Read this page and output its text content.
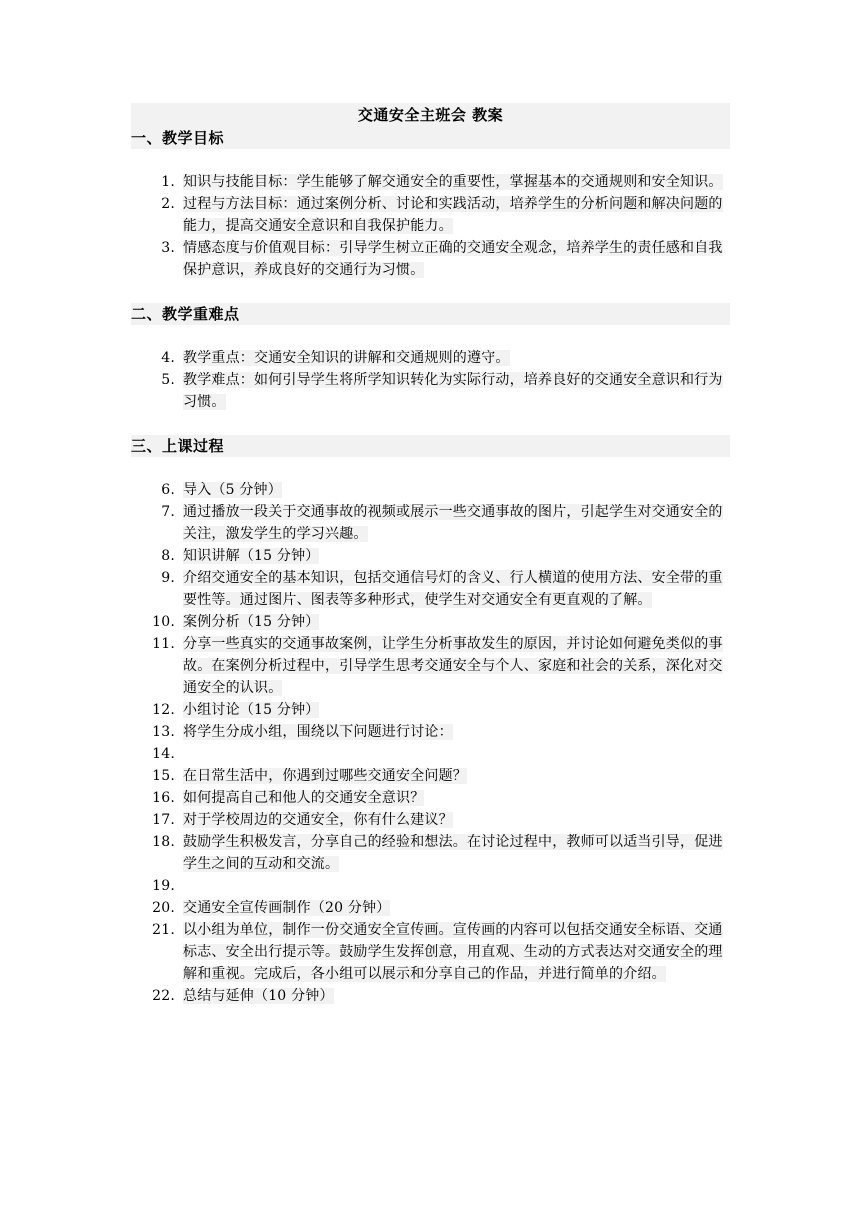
交通安全主班会 教案
一、教学目标
1. 知识与技能目标：学生能够了解交通安全的重要性，掌握基本的交通规则和安全知识。
2. 过程与方法目标：通过案例分析、讨论和实践活动，培养学生的分析问题和解决问题的能力，提高交通安全意识和自我保护能力。
3. 情感态度与价值观目标：引导学生树立正确的交通安全观念，培养学生的责任感和自我保护意识，养成良好的交通行为习惯。
二、教学重难点
4. 教学重点：交通安全知识的讲解和交通规则的遵守。
5. 教学难点：如何引导学生将所学知识转化为实际行动，培养良好的交通安全意识和行为习惯。
三、上课过程
6. 导入（5 分钟）
7. 通过播放一段关于交通事故的视频或展示一些交通事故的图片，引起学生对交通安全的关注，激发学生的学习兴趣。
8. 知识讲解（15 分钟）
9. 介绍交通安全的基本知识，包括交通信号灯的含义、行人横道的使用方法、安全带的重要性等。通过图片、图表等多种形式，使学生对交通安全有更直观的了解。
10. 案例分析（15 分钟）
11. 分享一些真实的交通事故案例，让学生分析事故发生的原因，并讨论如何避免类似的事故。在案例分析过程中，引导学生思考交通安全与个人、家庭和社会的关系，深化对交通安全的认识。
12. 小组讨论（15 分钟）
13. 将学生分成小组，围绕以下问题进行讨论：
14.
15. 在日常生活中，你遇到过哪些交通安全问题？
16. 如何提高自己和他人的交通安全意识？
17. 对于学校周边的交通安全，你有什么建议？
18. 鼓励学生积极发言，分享自己的经验和想法。在讨论过程中，教师可以适当引导，促进学生之间的互动和交流。
19.
20. 交通安全宣传画制作（20 分钟）
21. 以小组为单位，制作一份交通安全宣传画。宣传画的内容可以包括交通安全标语、交通标志、安全出行提示等。鼓励学生发挥创意，用直观、生动的方式表达对交通安全的理解和重视。完成后，各小组可以展示和分享自己的作品，并进行简单的介绍。
22. 总结与延伸（10 分钟）
